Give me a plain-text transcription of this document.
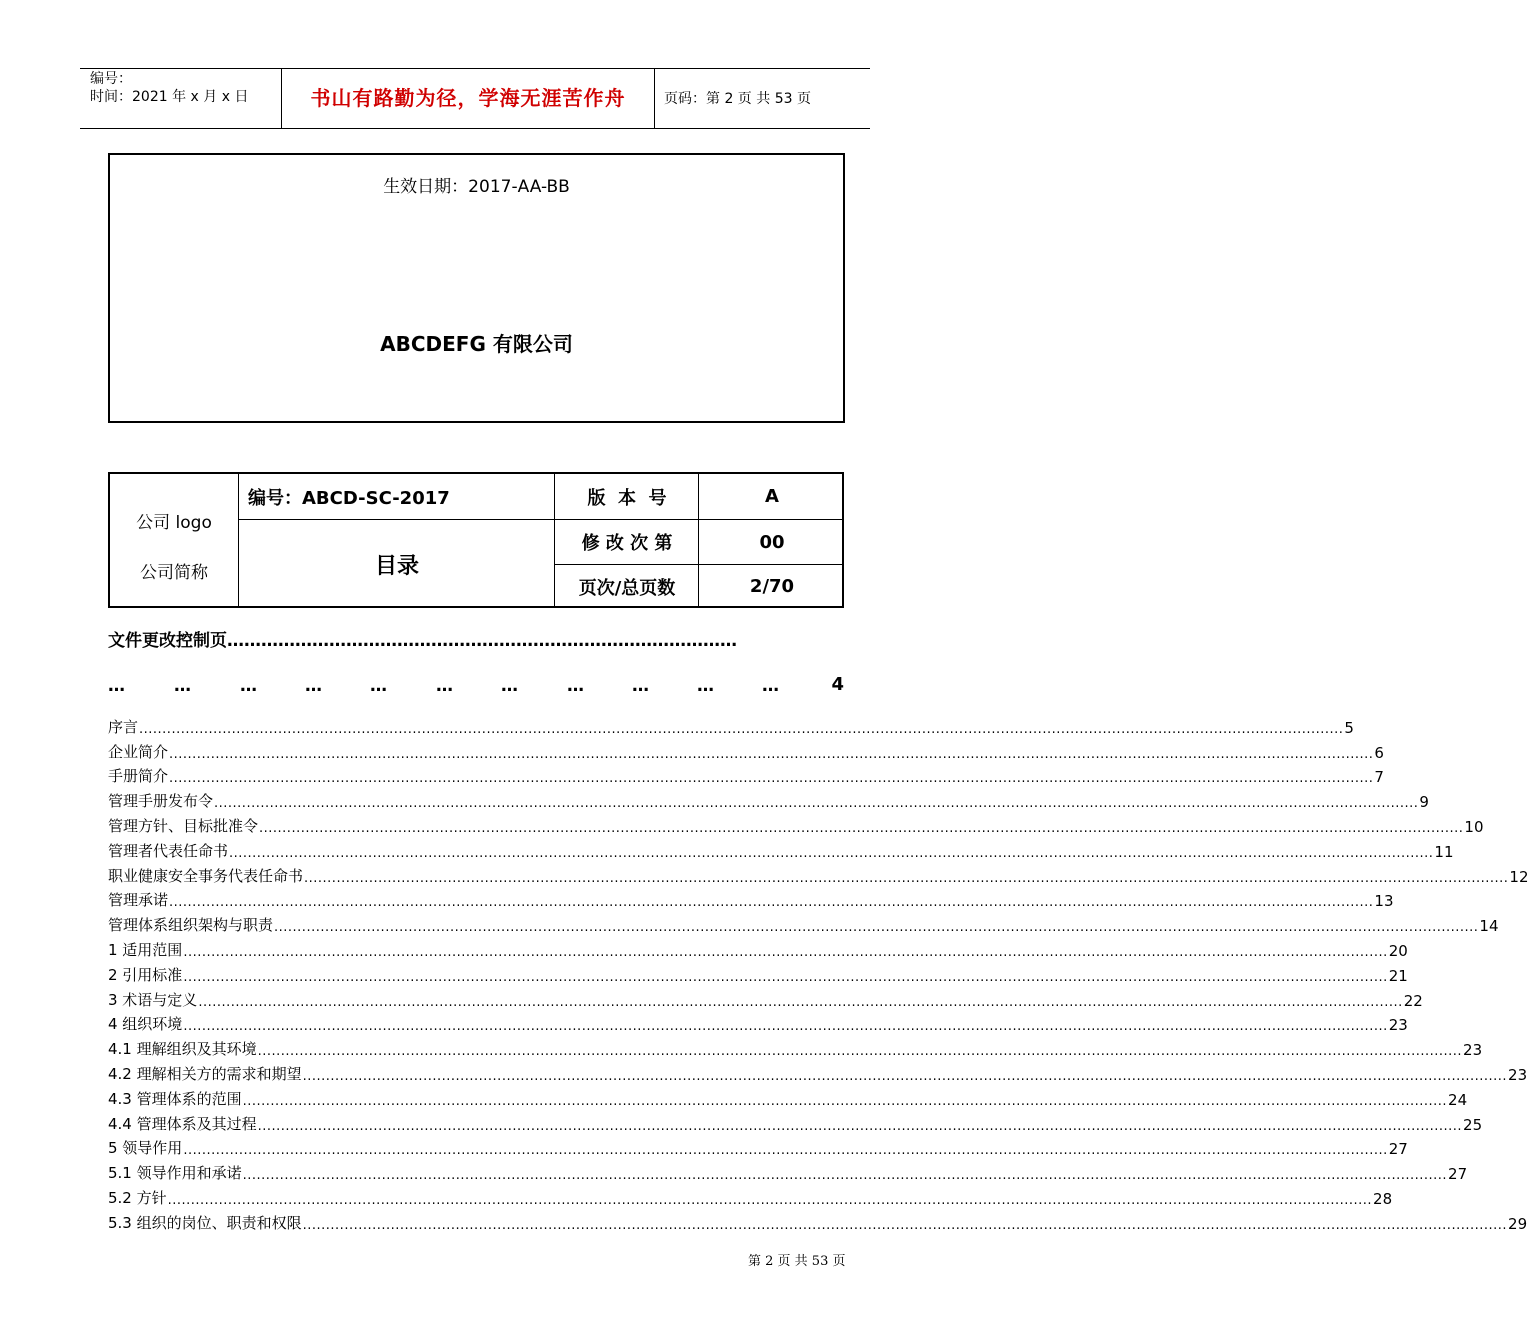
编号：
时间：2021 年 x 月 x 日	书山有路勤为径，学海无涯苦作舟	页码：第 2 页 共 53 页
生效日期：2017-AA-BB
ABCDEFG 有限公司
公司 logo
公司简称
编号：ABCD-SC-2017
目录
版  本  号	A
修 改 次 第	00
页次/总页数	2/70
文件更改控制页………………………………………………………………………………
…	…	…	…	…	…	…	…	…	…	…	4
序言 .................................................................................................................................................................................................................................................................... 5
企业简介 .................................................................................................................................................................................................................................................................... 6
手册简介 .................................................................................................................................................................................................................................................................... 7
管理手册发布令 .................................................................................................................................................................................................................................................................... 9
管理方针、目标批准令 .................................................................................................................................................................................................................................................................... 10
管理者代表任命书 .................................................................................................................................................................................................................................................................... 11
职业健康安全事务代表任命书 .................................................................................................................................................................................................................................................................... 12
管理承诺 .................................................................................................................................................................................................................................................................... 13
管理体系组织架构与职责 .................................................................................................................................................................................................................................................................... 14
1 适用范围 .................................................................................................................................................................................................................................................................... 20
2 引用标准 .................................................................................................................................................................................................................................................................... 21
3 术语与定义 .................................................................................................................................................................................................................................................................... 22
4 组织环境 .................................................................................................................................................................................................................................................................... 23
4.1 理解组织及其环境 .................................................................................................................................................................................................................................................................... 23
4.2 理解相关方的需求和期望 .................................................................................................................................................................................................................................................................... 23
4.3 管理体系的范围 .................................................................................................................................................................................................................................................................... 24
4.4 管理体系及其过程 .................................................................................................................................................................................................................................................................... 25
5 领导作用 .................................................................................................................................................................................................................................................................... 27
5.1 领导作用和承诺 .................................................................................................................................................................................................................................................................... 27
5.2 方针 .................................................................................................................................................................................................................................................................... 28
5.3 组织的岗位、职责和权限 .................................................................................................................................................................................................................................................................... 29
第 2 页 共 53 页
